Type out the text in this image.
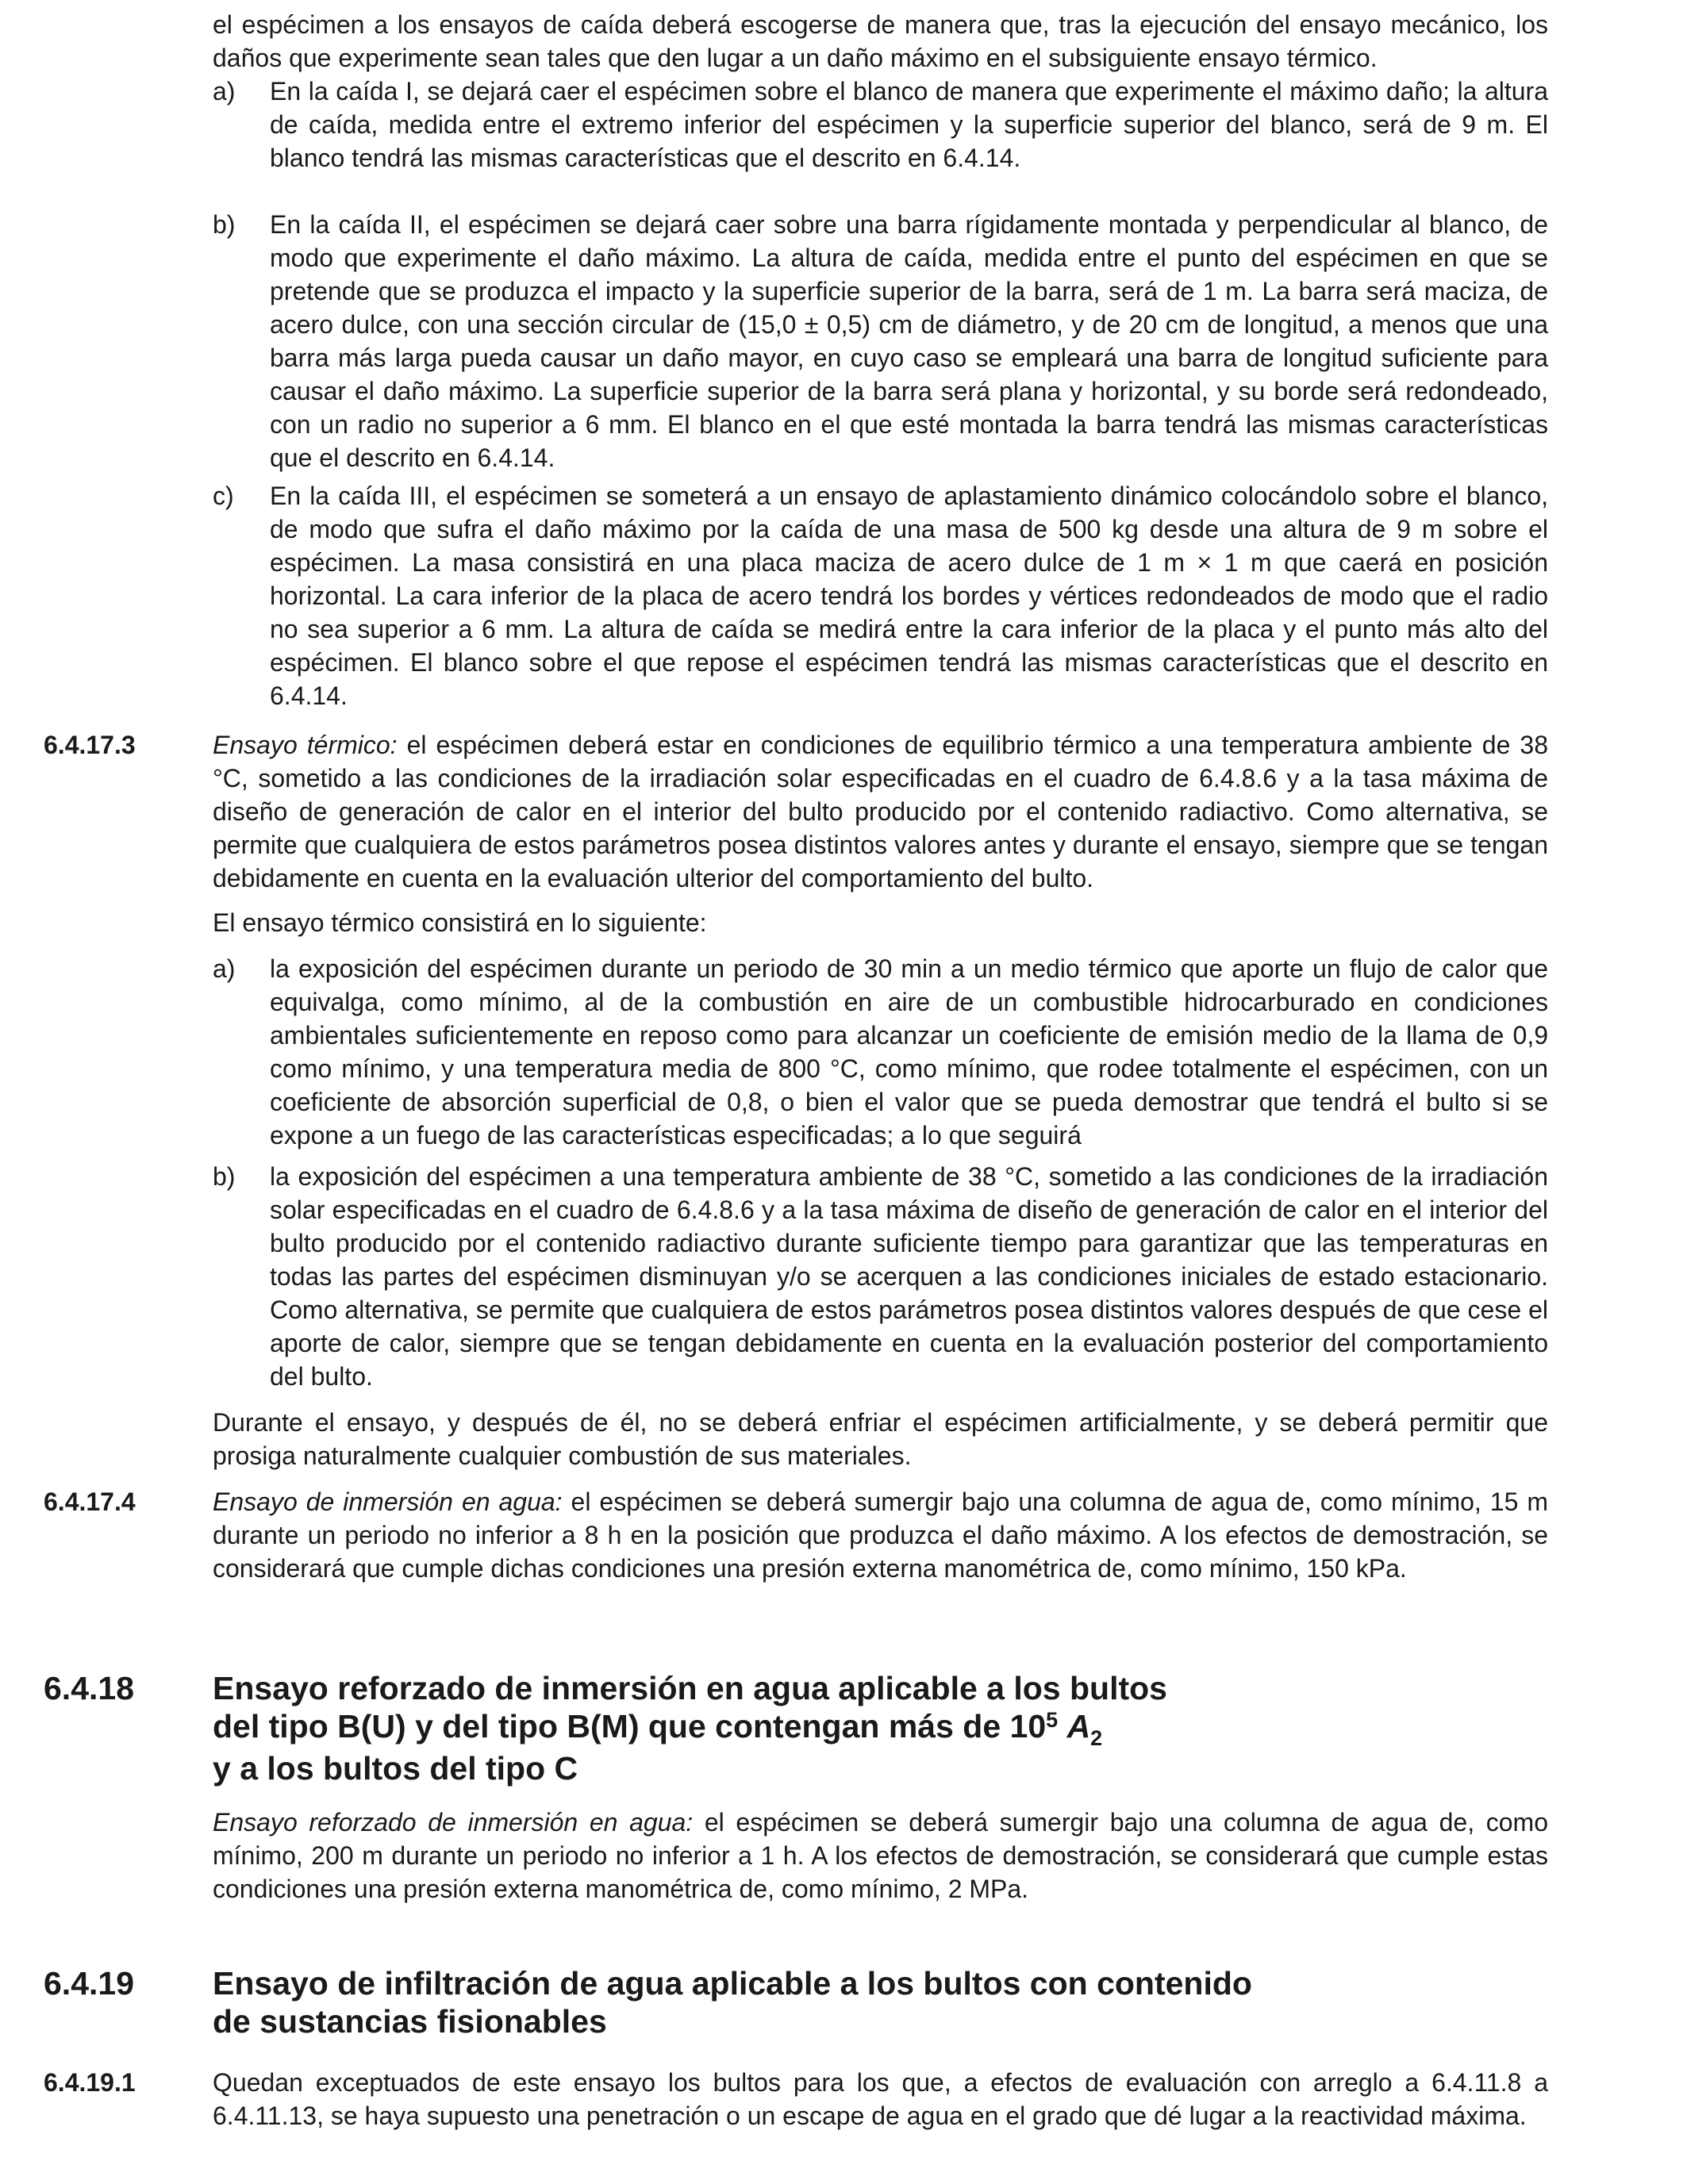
el espécimen a los ensayos de caída deberá escogerse de manera que, tras la ejecución del ensayo mecánico, los daños que experimente sean tales que den lugar a un daño máximo en el subsiguiente ensayo térmico.

a)	En la caída I, se dejará caer el espécimen sobre el blanco de manera que experimente el máximo daño; la altura de caída, medida entre el extremo inferior del espécimen y la superficie superior del blanco, será de 9 m. El blanco tendrá las mismas características que el descrito en 6.4.14.
b)	En la caída II, el espécimen se dejará caer sobre una barra rígidamente montada y perpendicular al blanco, de modo que experimente el daño máximo. La altura de caída, medida entre el punto del espécimen en que se pretende que se produzca el impacto y la superficie superior de la barra, será de 1 m. La barra será maciza, de acero dulce, con una sección circular de (15,0 ± 0,5) cm de diámetro, y de 20 cm de longitud, a menos que una barra más larga pueda causar un daño mayor, en cuyo caso se empleará una barra de longitud suficiente para causar el daño máximo. La superficie superior de la barra será plana y horizontal, y su borde será redondeado, con un radio no superior a 6 mm. El blanco en el que esté montada la barra tendrá las mismas características que el descrito en 6.4.14.
c)	En la caída III, el espécimen se someterá a un ensayo de aplastamiento dinámico colocándolo sobre el blanco, de modo que sufra el daño máximo por la caída de una masa de 500 kg desde una altura de 9 m sobre el espécimen. La masa consistirá en una placa maciza de acero dulce de 1 m × 1 m que caerá en posición horizontal. La cara inferior de la placa de acero tendrá los bordes y vértices redondeados de modo que el radio no sea superior a 6 mm. La altura de caída se medirá entre la cara inferior de la placa y el punto más alto del espécimen. El blanco sobre el que repose el espécimen tendrá las mismas características que el descrito en 6.4.14.

6.4.17.3	Ensayo térmico: el espécimen deberá estar en condiciones de equilibrio térmico a una temperatura ambiente de 38 °C, sometido a las condiciones de la irradiación solar especificadas en el cuadro de 6.4.8.6 y a la tasa máxima de diseño de generación de calor en el interior del bulto producido por el contenido radiactivo. Como alternativa, se permite que cualquiera de estos parámetros posea distintos valores antes y durante el ensayo, siempre que se tengan debidamente en cuenta en la evaluación ulterior del comportamiento del bulto.

El ensayo térmico consistirá en lo siguiente:

a)	la exposición del espécimen durante un periodo de 30 min a un medio térmico que aporte un flujo de calor que equivalga, como mínimo, al de la combustión en aire de un combustible hidrocarburado en condiciones ambientales suficientemente en reposo como para alcanzar un coeficiente de emisión medio de la llama de 0,9 como mínimo, y una temperatura media de 800 °C, como mínimo, que rodee totalmente el espécimen, con un coeficiente de absorción superficial de 0,8, o bien el valor que se pueda demostrar que tendrá el bulto si se expone a un fuego de las características especificadas; a lo que seguirá
b)	la exposición del espécimen a una temperatura ambiente de 38 °C, sometido a las condiciones de la irradiación solar especificadas en el cuadro de 6.4.8.6 y a la tasa máxima de diseño de generación de calor en el interior del bulto producido por el contenido radiactivo durante suficiente tiempo para garantizar que las temperaturas en todas las partes del espécimen disminuyan y/o se acerquen a las condiciones iniciales de estado estacionario. Como alternativa, se permite que cualquiera de estos parámetros posea distintos valores después de que cese el aporte de calor, siempre que se tengan debidamente en cuenta en la evaluación posterior del comportamiento del bulto.

Durante el ensayo, y después de él, no se deberá enfriar el espécimen artificialmente, y se deberá permitir que prosiga naturalmente cualquier combustión de sus materiales.

6.4.17.4	Ensayo de inmersión en agua: el espécimen se deberá sumergir bajo una columna de agua de, como mínimo, 15 m durante un periodo no inferior a 8 h en la posición que produzca el daño máximo. A los efectos de demostración, se considerará que cumple dichas condiciones una presión externa manométrica de, como mínimo, 150 kPa.

6.4.18 Ensayo reforzado de inmersión en agua aplicable a los bultos
del tipo B(U) y del tipo B(M) que contengan más de $10^5$ $A_2$
y a los bultos del tipo C

Ensayo reforzado de inmersión en agua: el espécimen se deberá sumergir bajo una columna de agua de, como mínimo, 200 m durante un periodo no inferior a 1 h. A los efectos de demostración, se considerará que cumple estas condiciones una presión externa manométrica de, como mínimo, 2 MPa.

6.4.19 Ensayo de infiltración de agua aplicable a los bultos con contenido
de sustancias fisionables

6.4.19.1	Quedan exceptuados de este ensayo los bultos para los que, a efectos de evaluación con arreglo a 6.4.11.8 a 6.4.11.13, se haya supuesto una penetración o un escape de agua en el grado que dé lugar a la reactividad máxima.
